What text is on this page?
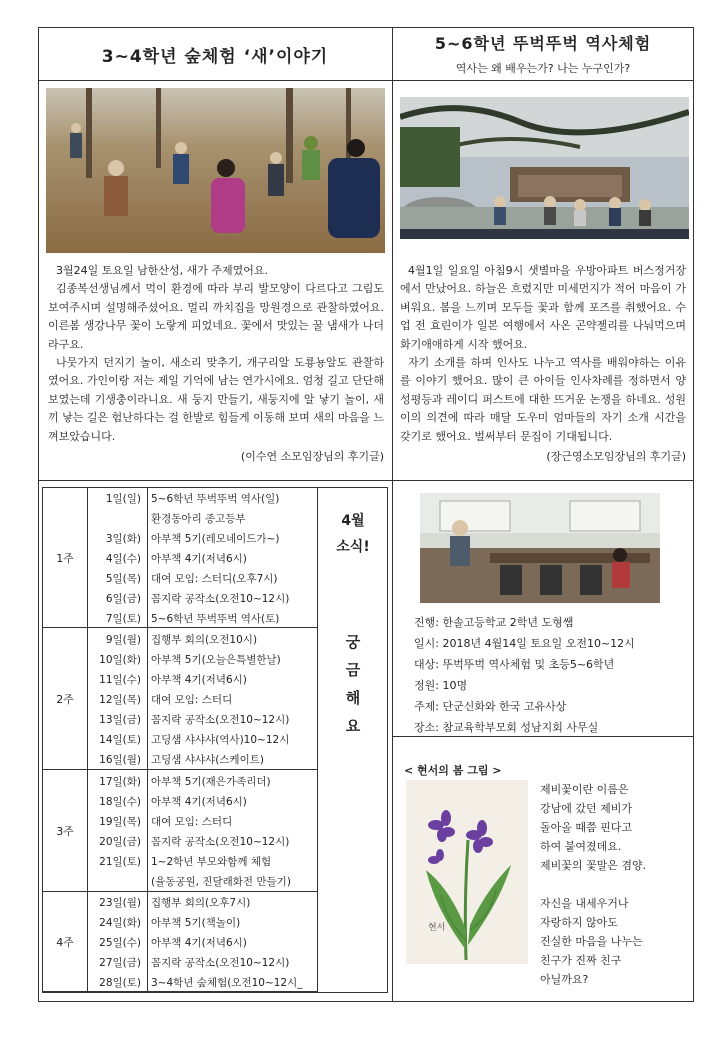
3~4학년 숲체험 ‘새’이야기
5~6학년 뚜벅뚜벅 역사체험
역사는 왜 배우는가? 나는 누구인가?

3월24일 토요일 남한산성, 새가 주제였어요.

김종복선생님께서 먹이 환경에 따라 부리 발모양이 다르다고 그림도 보여주시며 설명해주셨어요. 멀리 까치집을 망원경으로 관찰하였어요. 이른봄 생강나무 꽃이 노랗게 피었네요. 꽃에서 맛있는 꿀 냄새가 나더라구요.

나뭇가지 던지기 놀이, 새소리 맞추기, 개구리알 도룡뇽알도 관찰하였어요. 가인이랑 저는 제일 기억에 남는 연가시에요. 엄청 길고 단단해보였는데 기생충이라니요. 새 둥지 만들기, 새둥지에 알 낳기 놀이, 새끼 낳는 길은 험난하다는 걸 한발로 힘들게 이동해 보며 새의 마음을 느껴보았습니다.

(이수연 소모임장님의 후기글)

4월1일 일요일 아침9시 샛별마을 우방아파트 버스정거장에서 만났어요. 하늘은 흐렸지만 미세먼지가 적어 마음이 가벼워요. 봄을 느끼며 모두들 꽃과 함께 포즈를 취했어요. 수업 전 효린이가 일본 여행에서 사온 곤약젤리를 나눠먹으며 화기애애하게 시작 했어요.

자기 소개를 하며 인사도 나누고 역사를 배워야하는 이유를 이야기 했어요. 많이 큰 아이들 인사차례를 정하면서 양성평등과 레이디 퍼스트에 대한 뜨거운 논쟁을 하네요. 성원이의 의견에 따라 매달 도우미 엄마들의 자기 소개 시간을 갖기로 했어요. 벌써부터 문집이 기대됩니다.

(장근영소모임장님의 후기글)

1주
1일(일)
3일(화)
4일(수)
5일(목)
6일(금)
7일(토)
5~6학년 뚜벅뚜벅 역사(일)
환경동아리 종고등부
아부책 5기(레모네이드가~)
아부책 4기(저녁6시)
대여 모임: 스터디(오후7시)
꼼지락 공작소(오전10~12시)
5~6학년 뚜벅뚜벅 역사(토)
2주
9일(월)
10일(화)
11일(수)
12일(목)
13일(금)
14일(토)
16일(월)
집행부 회의(오전10시)
아부책 5기(오늘은특별한날)
아부책 4기(저녁6시)
대여 모임: 스터디
꼼지락 공작소(오전10~12시)
고딩샘 샤샤샤(역사)10~12시
고딩샘 샤샤샤(스케이트)
3주
17일(화)
18일(수)
19일(목)
20일(금)
21일(토)
아부책 5기(재은가족리더)
아부책 4기(저녁6시)
대여 모임: 스터디
꼼지락 공작소(오전10~12시)
1~2학년 부모와함께 체험
(율동공원, 진달래화전 만들기)
4주
23일(월)
24일(화)
25일(수)
27일(금)
28일(토)
집행부 회의(오후7시)
아부책 5기(책놀이)
아부책 4기(저녁6시)
꼼지락 공작소(오전10~12시)
3~4학년 숲체험(오전10~12시_
4월
소식!
궁
금
해
요
진행: 한솔고등학교 2학년 도형쌤
일시: 2018년 4월14일 토요일 오전10~12시
대상: 뚜벅뚜벅 역사체험 및 초등5~6학년
정원: 10명
주제: 단군신화와 한국 고유사상
장소: 참교육학부모회 성남지회 사무실
< 현서의 봄 그림 >
현서
제비꽃이란 이름은
강남에 갔던 제비가
돌아올 때쯤 핀다고
하여 붙여졌데요.
제비꽃의 꽃말은 겸양.
자신을 내세우거나
자랑하지 않아도
진실한 마음을 나누는
친구가 진짜 친구
아닐까요?
